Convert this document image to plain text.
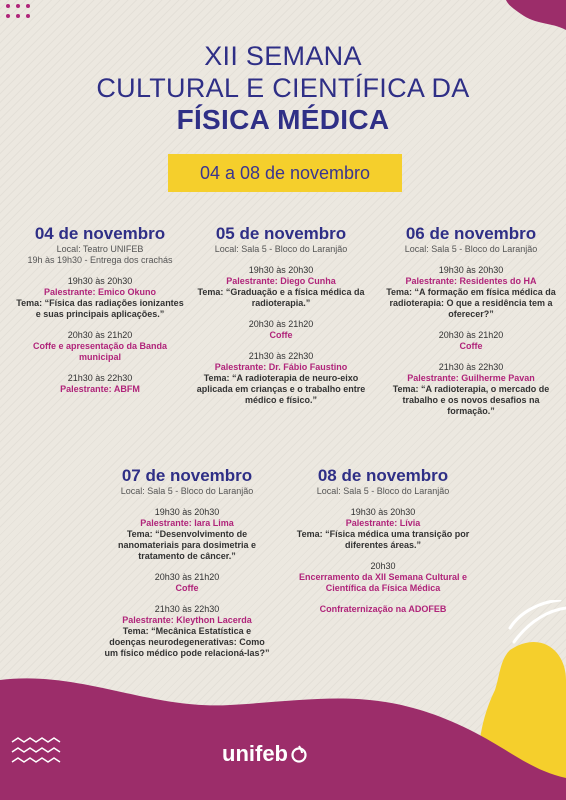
XII SEMANA
CULTURAL E CIENTÍFICA DA
FÍSICA MÉDICA
04 a 08 de novembro
04 de novembro
Local: Teatro UNIFEB
19h às 19h30 - Entrega dos crachás
19h30 às 20h30
Palestrante: Emico Okuno
Tema: “Física das radiações ionizantes e suas principais aplicações.”
20h30 às 21h20
Coffe e apresentação da Banda municipal
21h30 às 22h30
Palestrante: ABFM
05 de novembro
Local: Sala 5 - Bloco do Laranjão
19h30 às 20h30
Palestrante: Diego Cunha
Tema: “Graduação e a física médica da radioterapia.”
20h30 às 21h20
Coffe
21h30 às 22h30
Palestrante: Dr. Fábio Faustino
Tema: “A radioterapia de neuro-eixo aplicada em crianças e o trabalho entre médico e físico.”
06 de novembro
Local: Sala 5 - Bloco do Laranjão
19h30 às 20h30
Palestrante: Residentes do HA
Tema: “A formação em física médica da radioterapia: O que a residência tem a oferecer?”
20h30 às 21h20
Coffe
21h30 às 22h30
Palestrante: Guilherme Pavan
Tema: “A radioterapia, o mercado de trabalho e os novos desafios na formação.”
07 de novembro
Local: Sala 5 - Bloco do Laranjão
19h30 às 20h30
Palestrante: Iara Lima
Tema: “Desenvolvimento de nanomateriais para dosimetria e tratamento de câncer.”
20h30 às 21h20
Coffe
21h30 às 22h30
Palestrante: Kleython Lacerda
Tema: “Mecânica Estatística e doenças neurodegenerativas: Como um físico médico pode relacioná-las?”
08 de novembro
Local: Sala 5 - Bloco do Laranjão
19h30 às 20h30
Palestrante: Lívia
Tema: “Física médica uma transição por diferentes áreas.”
20h30
Encerramento da XII Semana Cultural e Científica da Física Médica
Confraternização na ADOFEB
unifeb
